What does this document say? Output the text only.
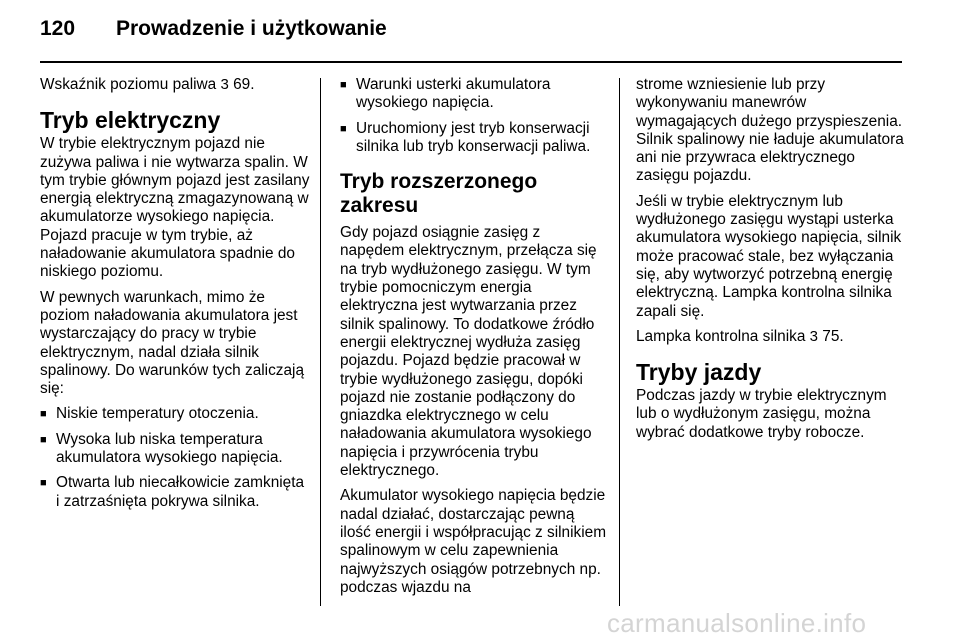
120 Prowadzenie i użytkowanie

Wskaźnik poziomu paliwa 3 69.

Tryb elektryczny

W trybie elektrycznym pojazd nie zużywa paliwa i nie wytwarza spalin. W tym trybie głównym pojazd jest zasilany energią elektryczną zmagazynowaną w akumulatorze wysokiego napięcia. Pojazd pracuje w tym trybie, aż naładowanie akumulatora spadnie do niskiego poziomu.

W pewnych warunkach, mimo że poziom naładowania akumulatora jest wystarczający do pracy w trybie elektrycznym, nadal działa silnik spalinowy. Do warunków tych zaliczają się:

■ Niskie temperatury otoczenia.
■ Wysoka lub niska temperatura akumulatora wysokiego napięcia.
■ Otwarta lub niecałkowicie zamknięta i zatrzaśnięta pokrywa silnika.
■ Warunki usterki akumulatora wysokiego napięcia.
■ Uruchomiony jest tryb konserwacji silnika lub tryb konserwacji paliwa.
Tryb rozszerzonego zakresu

Gdy pojazd osiągnie zasięg z napędem elektrycznym, przełącza się na tryb wydłużonego zasięgu. W tym trybie pomocniczym energia elektryczna jest wytwarzania przez silnik spalinowy. To dodatkowe źródło energii elektrycznej wydłuża zasięg pojazdu. Pojazd będzie pracował w trybie wydłużonego zasięgu, dopóki pojazd nie zostanie podłączony do gniazdka elektrycznego w celu naładowania akumulatora wysokiego napięcia i przywrócenia trybu elektrycznego.

Akumulator wysokiego napięcia będzie nadal działać, dostarczając pewną ilość energii i współpracując z silnikiem spalinowym w celu zapewnienia najwyższych osiągów potrzebnych np. podczas wjazdu na

strome wzniesienie lub przy wykonywaniu manewrów wymagających dużego przyspieszenia. Silnik spalinowy nie ładuje akumulatora ani nie przywraca elektrycznego zasięgu pojazdu.

Jeśli w trybie elektrycznym lub wydłużonego zasięgu wystąpi usterka akumulatora wysokiego napięcia, silnik może pracować stale, bez wyłączania się, aby wytworzyć potrzebną energię elektryczną. Lampka kontrolna silnika zapali się.

Lampka kontrolna silnika 3 75.

Tryby jazdy

Podczas jazdy w trybie elektrycznym lub o wydłużonym zasięgu, można wybrać dodatkowe tryby robocze.

carmanualsonline.info
